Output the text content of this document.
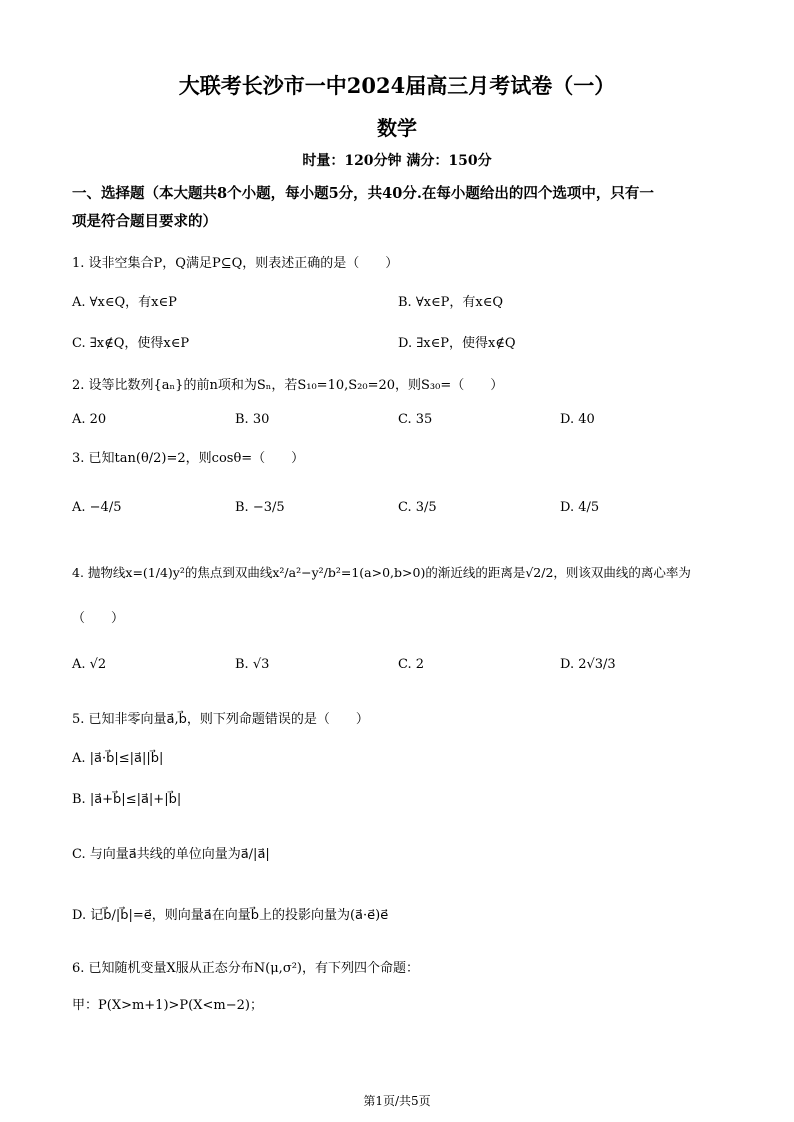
大联考长沙市一中2024届高三月考试卷（一）
数学
时量：120分钟 满分：150分
一、选择题（本大题共8个小题，每小题5分，共40分.在每小题给出的四个选项中，只有一
项是符合题目要求的）
1. 设非空集合P，Q满足P⊆Q，则表述正确的是（　　）
A. ∀x∈Q，有x∈P	B. ∀x∈P，有x∈Q
C. ∃x∉Q，使得x∈P	D. ∃x∈P，使得x∉Q
2. 设等比数列{aₙ}的前n项和为Sₙ，若S₁₀=10,S₂₀=20，则S₃₀=（　　）
A. 20	B. 30	C. 35	D. 40
3. 已知tan(θ/2)=2，则cosθ=（　　）
A. −4/5	B. −3/5	C. 3/5	D. 4/5
4. 抛物线x=(1/4)y²的焦点到双曲线x²/a²−y²/b²=1(a>0,b>0)的渐近线的距离是√2/2，则该双曲线的离心率为
（　　）
A. √2	B. √3	C. 2	D. 2√3/3
5. 已知非零向量a⃗,b⃗，则下列命题错误的是（　　）
A. |a⃗·b⃗|≤|a⃗||b⃗|
B. |a⃗+b⃗|≤|a⃗|+|b⃗|
C. 与向量a⃗共线的单位向量为a⃗/|a⃗|
D. 记b⃗/|b⃗|=e⃗，则向量a⃗在向量b⃗上的投影向量为(a⃗·e⃗)e⃗
6. 已知随机变量X服从正态分布N(μ,σ²)，有下列四个命题：
甲：P(X>m+1)>P(X<m−2)；
第1页/共5页
